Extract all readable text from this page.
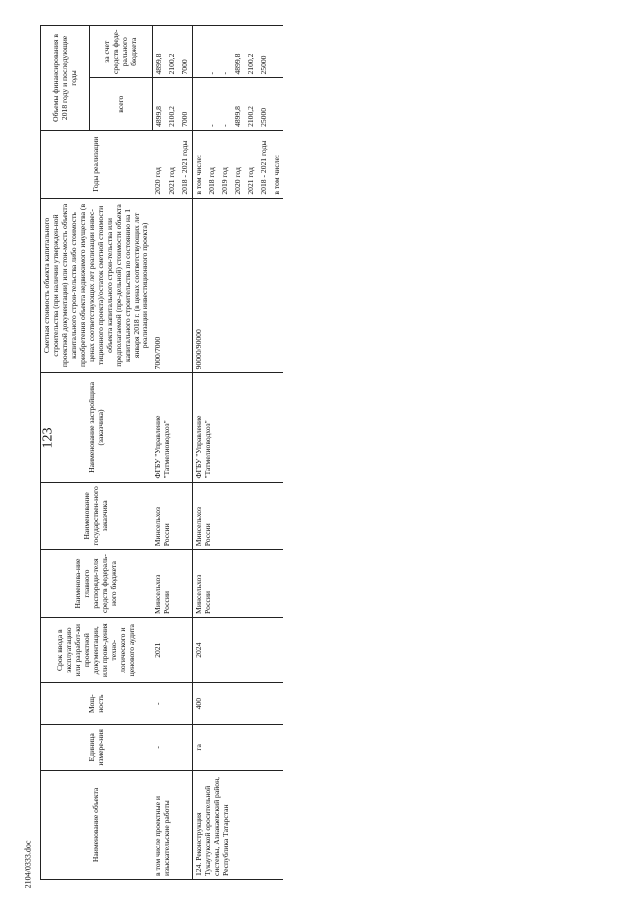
123
2104/0333.doc
Наименование объекта	Единица измере-ния	Мощ-ность	Срок ввода в эксплуатацию или разработ-ки проектной документации, или прове-дения техно-логического и ценового аудита	Наименова-ние главного распоряди-теля средств федераль-ного бюджета	Наименование государствен-ного заказчика	Наименование застройщика (заказчика)	Сметная стоимость объекта капитального строительства (при наличии утвержден-ной проектной документации) или стои-мость объекта капитального строи-тельства либо стоимость приобретения объекта недвижимого имущества (в ценах соответствующих лет реализации инвес-тиционного проекта)/остаток сметной стоимости объекта капитального строи-тельства или предполагаемой (пре-дельной) стоимости объекта капитального строительства по состоянию на 1 января 2018 г. (в ценах соответствующих лет реализации инвестиционного проекта)	Годы реализации	Объемы финансирования в 2018 году и последующие годы	
									всего	за счет средств феде-рального бюджета
в том числе проектные и изыскательские работы	-	-	2021	Минсельхоз России	Минсельхоз России	ФГБУ "Управление "Татмелиоводхоз"	7000/7000	2020 год	4899,8	4899,8
								2021 год	2100,2	2100,2
								2018 - 2021 годы	7000	7000
124. Реконструкция Тукаутукской оросительной системы, Азнакаевский район, Республика Татарстан	га	400	2024	Минсельхоз России	Минсельхоз России	ФГБУ "Управление "Татмелиоводхоз"	90000/90000	в том числе:		
								2018 год	-	-
								2019 год	-	-
								2020 год	4899,8	4899,8
								2021 год	2100,2	2100,2
								2018 - 2021 годы	25000	25000
								в том числе:		
